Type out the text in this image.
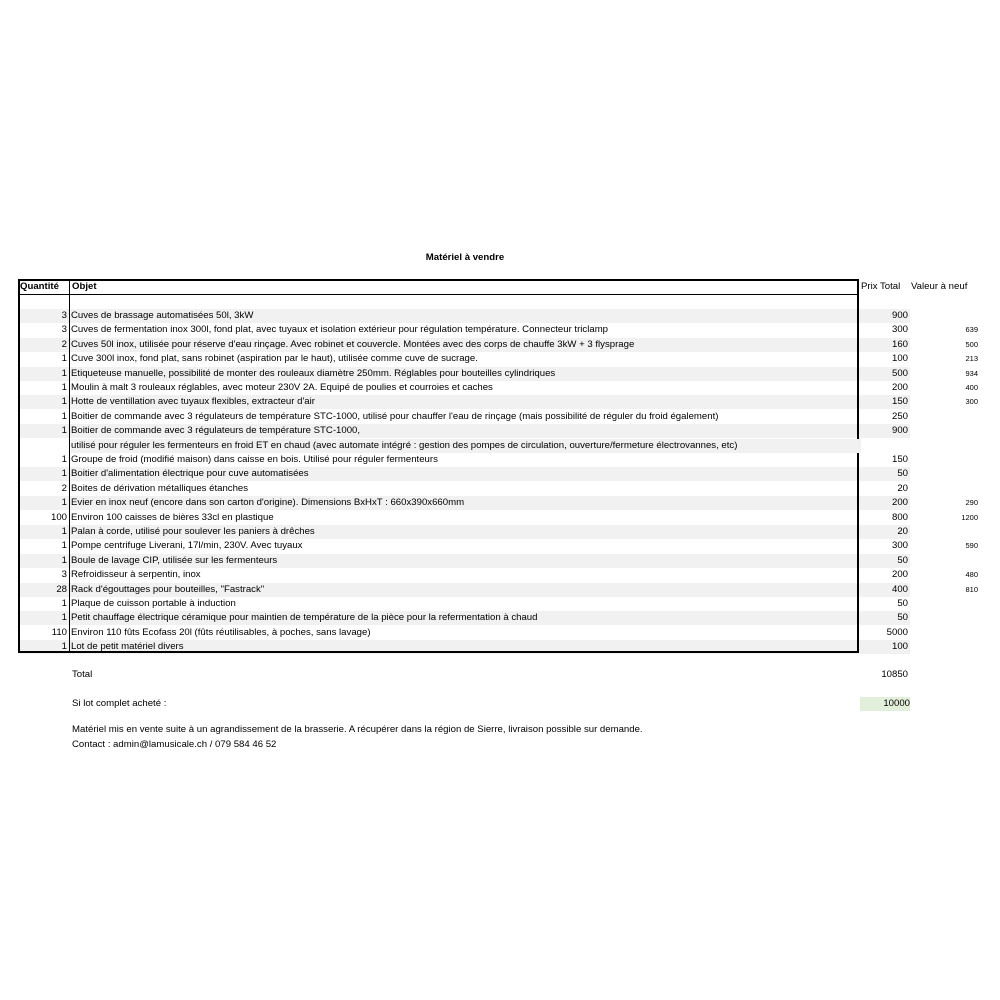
Matériel à vendre
Quantité Objet	Prix Total Valeur à neuf
3 Cuves de brassage automatisées 50l, 3kW	900
3 Cuves de fermentation inox 300l, fond plat, avec tuyaux et isolation extérieur pour régulation température. Connecteur triclamp	300	639
2 Cuves 50l inox, utilisée pour réserve d'eau rinçage. Avec robinet et couvercle. Montées avec des corps de chauffe 3kW + 3 flysprage	160	500
1 Cuve 300l inox, fond plat, sans robinet (aspiration par le haut), utilisée comme cuve de sucrage.	100	213
1 Etiqueteuse manuelle, possibilité de monter des rouleaux diamètre 250mm. Réglables pour bouteilles cylindriques	500	934
1 Moulin à malt 3 rouleaux réglables, avec moteur 230V 2A. Equipé de poulies et courroies et caches	200	400
1 Hotte de ventillation avec tuyaux flexibles, extracteur d'air	150	300
1 Boitier de commande avec 3 régulateurs de température STC-1000, utilisé pour chauffer l'eau de rinçage (mais possibilité de réguler du froid également)	250
1 Boitier de commande avec 3 régulateurs de température STC-1000,	900
utilisé pour réguler les fermenteurs en froid ET en chaud (avec automate intégré : gestion des pompes de circulation, ouverture/fermeture électrovannes, etc)
1 Groupe de froid (modifié maison) dans caisse en bois. Utilisé pour réguler fermenteurs	150
1 Boitier d'alimentation électrique pour cuve automatisées	50
2 Boites de dérivation métalliques étanches	20
1 Evier en inox neuf (encore dans son carton d'origine). Dimensions BxHxT : 660x390x660mm	200	290
100 Environ 100 caisses de bières 33cl en plastique	800	1200
1 Palan à corde, utilisé pour soulever les paniers à drêches	20
1 Pompe centrifuge Liverani, 17l/min, 230V. Avec tuyaux	300	590
1 Boule de lavage CIP, utilisée sur les fermenteurs	50
3 Refroidisseur à serpentin, inox	200	480
28 Rack d'égouttages pour bouteilles, "Fastrack"	400	810
1 Plaque de cuisson portable à induction	50
1 Petit chauffage électrique céramique pour maintien de température de la pièce pour la refermentation à chaud	50
110 Environ 110 fûts Ecofass 20l (fûts réutilisables, à poches, sans lavage)	5000
1 Lot de petit matériel divers	100
Total	10850
Si lot complet acheté :	10000
Matériel mis en vente suite à un agrandissement de la brasserie. A récupérer dans la région de Sierre, livraison possible sur demande.
Contact : admin@lamusicale.ch / 079 584 46 52
